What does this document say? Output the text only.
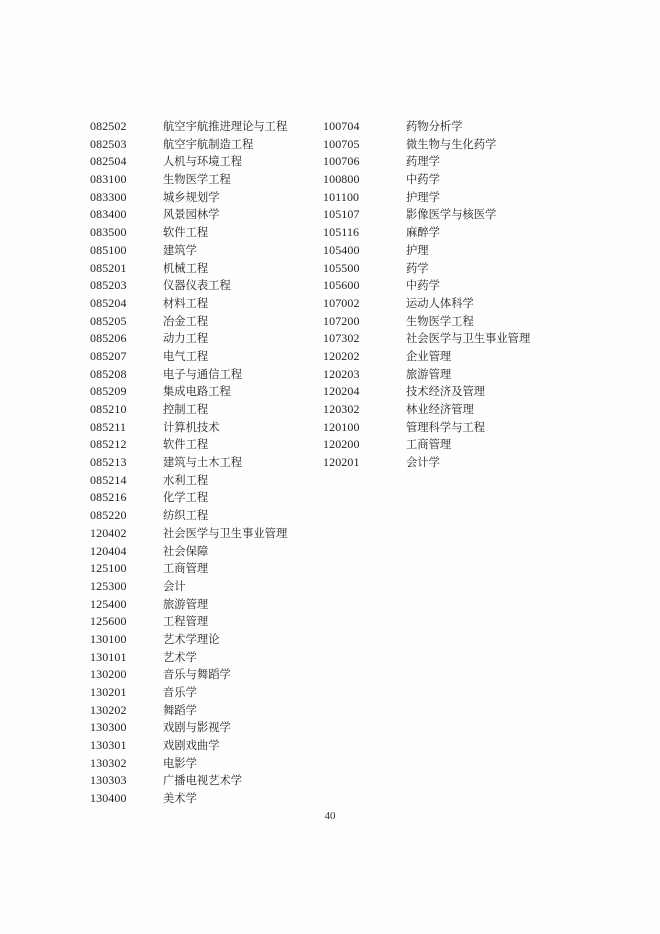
082502	航空宇航推进理论与工程
082503	航空宇航制造工程
082504	人机与环境工程
083100	生物医学工程
083300	城乡规划学
083400	风景园林学
083500	软件工程
085100	建筑学
085201	机械工程
085203	仪器仪表工程
085204	材料工程
085205	冶金工程
085206	动力工程
085207	电气工程
085208	电子与通信工程
085209	集成电路工程
085210	控制工程
085211	计算机技术
085212	软件工程
085213	建筑与土木工程
085214	水利工程
085216	化学工程
085220	纺织工程
120402	社会医学与卫生事业管理
120404	社会保障
125100	工商管理
125300	会计
125400	旅游管理
125600	工程管理
130100	艺术学理论
130101	艺术学
130200	音乐与舞蹈学
130201	音乐学
130202	舞蹈学
130300	戏剧与影视学
130301	戏剧戏曲学
130302	电影学
130303	广播电视艺术学
130400	美术学
100704	药物分析学
100705	微生物与生化药学
100706	药理学
100800	中药学
101100	护理学
105107	影像医学与核医学
105116	麻醉学
105400	护理
105500	药学
105600	中药学
107002	运动人体科学
107200	生物医学工程
107302	社会医学与卫生事业管理
120202	企业管理
120203	旅游管理
120204	技术经济及管理
120302	林业经济管理
120100	管理科学与工程
120200	工商管理
120201	会计学
40
